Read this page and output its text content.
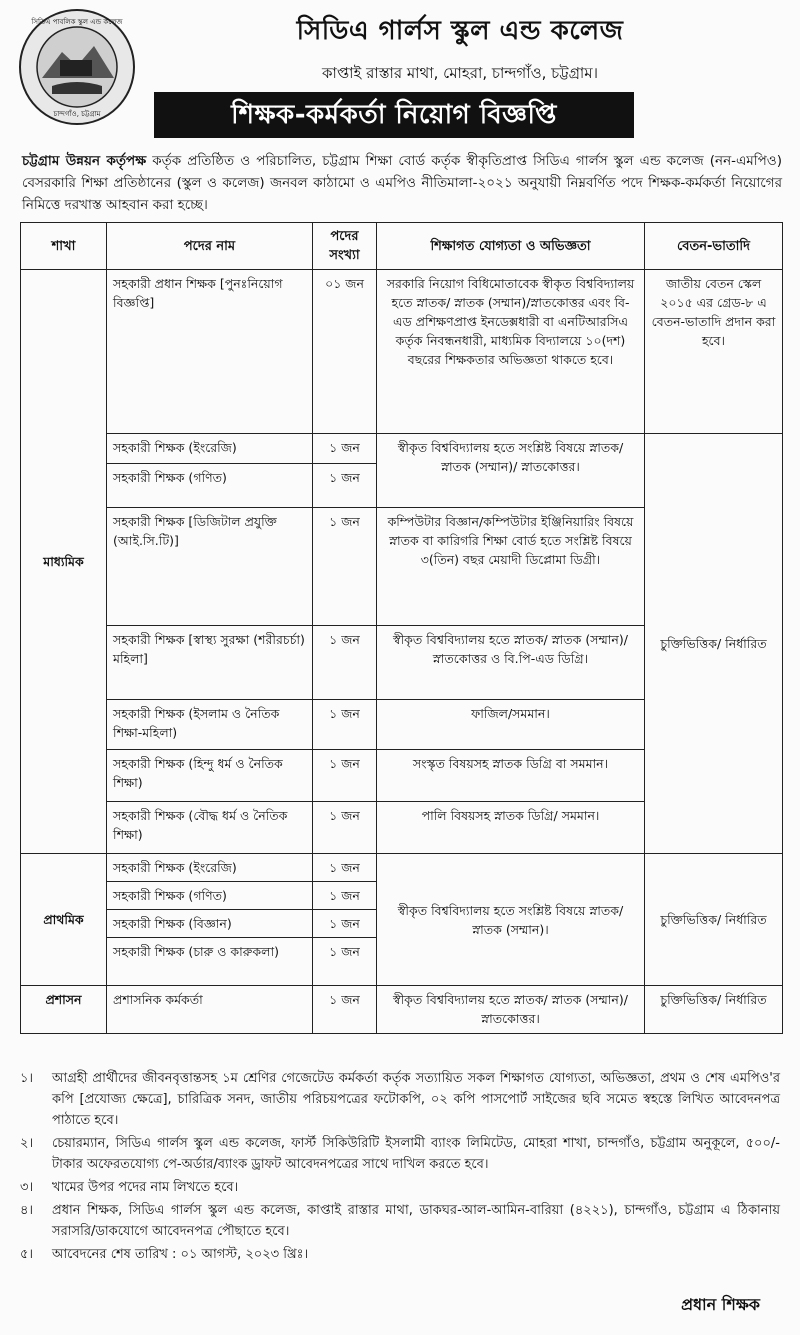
সিডিএ পাবলিক স্কুল এন্ড কলেজ
চান্দগাঁও, চট্টগ্রাম
সিডিএ গার্লস স্কুল এন্ড কলেজ
কাপ্তাই রাস্তার মাথা, মোহরা, চান্দগাঁও, চট্টগ্রাম।
শিক্ষক-কর্মকর্তা নিয়োগ বিজ্ঞপ্তি
চট্টগ্রাম উন্নয়ন কর্তৃপক্ষ কর্তৃক প্রতিষ্ঠিত ও পরিচালিত, চট্টগ্রাম শিক্ষা বোর্ড কর্তৃক স্বীকৃতিপ্রাপ্ত সিডিএ গার্লস স্কুল এন্ড কলেজ (নন-এমপিও) বেসরকারি শিক্ষা প্রতিষ্ঠানের (স্কুল ও কলেজ) জনবল কাঠামো ও এমপিও নীতিমালা-২০২১ অনুযায়ী নিম্নবর্ণিত পদে শিক্ষক-কর্মকর্তা নিয়োগের নিমিত্তে দরখাস্ত আহবান করা হচ্ছে।
শাখা	পদের নাম	পদের সংখ্যা	শিক্ষাগত যোগ্যতা ও অভিজ্ঞতা	বেতন-ভাতাদি
মাধ্যমিক	সহকারী প্রধান শিক্ষক [পুনঃনিয়োগ বিজ্ঞপ্তি]	০১ জন	সরকারি নিয়োগ বিধিমোতাবেক স্বীকৃত বিশ্ববিদ্যালয় হতে স্নাতক/ স্নাতক (সম্মান)/স্নাতকোত্তর এবং বি-এড প্রশিক্ষণপ্রাপ্ত ইনডেক্সধারী বা এনটিআরসিএ কর্তৃক নিবন্ধনধারী, মাধ্যমিক বিদ্যালয়ে ১০(দশ) বছরের শিক্ষকতার অভিজ্ঞতা থাকতে হবে।	জাতীয় বেতন স্কেল ২০১৫ এর গ্রেড-৮ এ বেতন-ভাতাদি প্রদান করা হবে।
	সহকারী শিক্ষক (ইংরেজি)	১ জন	স্বীকৃত বিশ্ববিদ্যালয় হতে সংশ্লিষ্ট বিষয়ে স্নাতক/স্নাতক (সম্মান)/ স্নাতকোত্তর।	চুক্তিভিত্তিক/ নির্ধারিত
	সহকারী শিক্ষক (গণিত)	১ জন		
	সহকারী শিক্ষক [ডিজিটাল প্রযুক্তি (আই.সি.টি)]	১ জন	কম্পিউটার বিজ্ঞান/কম্পিউটার ইঞ্জিনিয়ারিং বিষয়ে স্নাতক বা কারিগরি শিক্ষা বোর্ড হতে সংশ্লিষ্ট বিষয়ে ৩(তিন) বছর মেয়াদী ডিপ্লোমা ডিগ্রী।	
	সহকারী শিক্ষক [স্বাস্থ্য সুরক্ষা (শরীরচর্চা) মহিলা]	১ জন	স্বীকৃত বিশ্ববিদ্যালয় হতে স্নাতক/ স্নাতক (সম্মান)/স্নাতকোত্তর ও বি.পি-এড ডিগ্রি।	
	সহকারী শিক্ষক (ইসলাম ও নৈতিক শিক্ষা-মহিলা)	১ জন	ফাজিল/সমমান।	
	সহকারী শিক্ষক (হিন্দু ধর্ম ও নৈতিক শিক্ষা)	১ জন	সংস্কৃত বিষয়সহ স্নাতক ডিগ্রি বা সমমান।	
	সহকারী শিক্ষক (বৌদ্ধ ধর্ম ও নৈতিক শিক্ষা)	১ জন	পালি বিষয়সহ স্নাতক ডিগ্রি/ সমমান।	
প্রাথমিক	সহকারী শিক্ষক (ইংরেজি)	১ জন	স্বীকৃত বিশ্ববিদ্যালয় হতে সংশ্লিষ্ট বিষয়ে স্নাতক/স্নাতক (সম্মান)।	চুক্তিভিত্তিক/ নির্ধারিত
	সহকারী শিক্ষক (গণিত)	১ জন		
	সহকারী শিক্ষক (বিজ্ঞান)	১ জন		
	সহকারী শিক্ষক (চারু ও কারুকলা)	১ জন		
প্রশাসন	প্রশাসনিক কর্মকর্তা	১ জন	স্বীকৃত বিশ্ববিদ্যালয় হতে স্নাতক/ স্নাতক (সম্মান)/স্নাতকোত্তর।	চুক্তিভিত্তিক/ নির্ধারিত
১।	আগ্রহী প্রার্থীদের জীবনবৃত্তান্তসহ ১ম শ্রেণির গেজেটেড কর্মকর্তা কর্তৃক সত্যায়িত সকল শিক্ষাগত যোগ্যতা, অভিজ্ঞতা, প্রথম ও শেষ এমপিও'র কপি [প্রযোজ্য ক্ষেত্রে], চারিত্রিক সনদ, জাতীয় পরিচয়পত্রের ফটোকপি, ০২ কপি পাসপোর্ট সাইজের ছবি সমেত স্বহস্তে লিখিত আবেদনপত্র পাঠাতে হবে।
২।	চেয়ারম্যান, সিডিএ গার্লস স্কুল এন্ড কলেজ, ফার্স্ট সিকিউরিটি ইসলামী ব্যাংক লিমিটেড, মোহরা শাখা, চান্দগাঁও, চট্টগ্রাম অনুকূলে, ৫০০/- টাকার অফেরতযোগ্য পে-অর্ডার/ব্যাংক ড্রাফট আবেদনপত্রের সাথে দাখিল করতে হবে।
৩।	খামের উপর পদের নাম লিখতে হবে।
৪।	প্রধান শিক্ষক, সিডিএ গার্লস স্কুল এন্ড কলেজ, কাপ্তাই রাস্তার মাথা, ডাকঘর-আল-আমিন-বারিয়া (৪২২১), চান্দগাঁও, চট্টগ্রাম এ ঠিকানায় সরাসরি/ডাকযোগে আবেদনপত্র পৌছাতে হবে।
৫।	আবেদনের শেষ তারিখ : ০১ আগস্ট, ২০২৩ খ্রিঃ।
প্রধান শিক্ষক
